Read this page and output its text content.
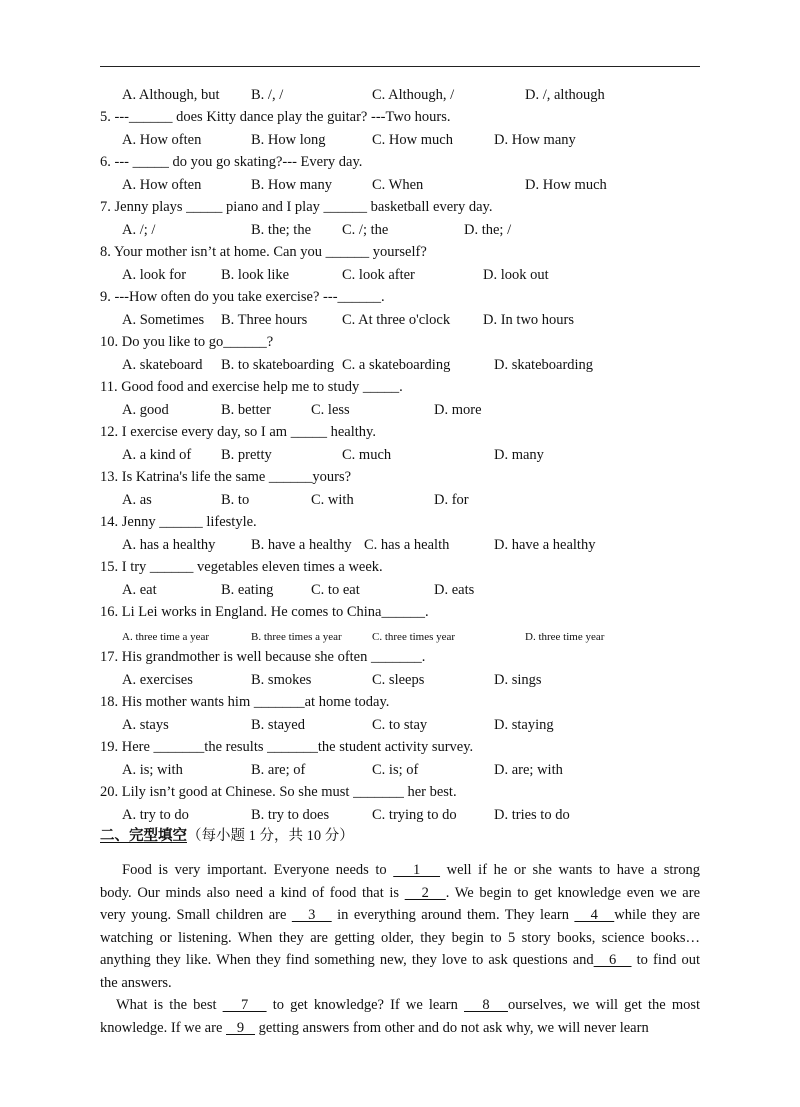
A. Although, but B. /, /	C. Although, /	D. /, although
5. ---______ does Kitty dance play the guitar? ---Two hours.
A. How often	B. How long	C. How much	D. How many
6. --- _____ do you go skating?--- Every day.
A. How often	B. How many	C. When	D. How much
7. Jenny plays _____ piano and I play ______ basketball every day.
A. /; /	B. the; the C. /; the	D. the; /
8. Your mother isn’t at home. Can you ______ yourself?
A. look for B. look like	C. look after	D. look out
9. ---How often do you take exercise? ---______.
A. Sometimes B. Three hours C. At three o'clock D. In two hours
10. Do you like to go______?
A. skateboard B. to skateboarding C. a skateboarding	D. skateboarding
11. Good food and exercise help me to study _____.
A. good	B. better	C. less	D. more
12. I exercise every day, so I am _____ healthy.
A. a kind of B. pretty	C. much	D. many
13. Is Katrina's life the same ______yours?
A. as	B. to	C. with	D. for
14. Jenny ______ lifestyle.
A. has a healthy B. have a healthy C. has a health	D. have a healthy
15. I try ______ vegetables eleven times a week.
A. eat	B. eating	C. to eat	D. eats
16. Li Lei works in England. He comes to China______.
A. three time a year	B. three times a year	C. three times year	D. three time year
17. His grandmother is well because she often _______.
A. exercises	B. smokes	C. sleeps	D. sings
18. His mother wants him _______at home today.
A. stays	B. stayed	C. to stay	D. staying
19. Here _______the results _______the student activity survey.
A. is; with	B. are; of	C. is; of	D. are; with
20. Lily isn’t good at Chinese. So she must _______ her best.
A. try to do	B. try to does	C. trying to do	D. tries to do
二、完型填空（每小题 1 分，共 10 分）
Food is very important. Everyone needs to    1    well if he or she wants to have a strong
body. Our minds also need a kind of food that is    2   . We begin to get knowledge even we are
very young. Small children are    3    in everything around them. They learn    4   while they are
watching or listening. When they are getting older, they begin to 5 story books, science books…
anything they like. When they find something new, they love to ask questions and   6    to find out
the answers.
What is the best    7    to get knowledge? If we learn    8   ourselves, we will get the most
knowledge. If we are    9    getting answers from other and do not ask why, we will never learn
